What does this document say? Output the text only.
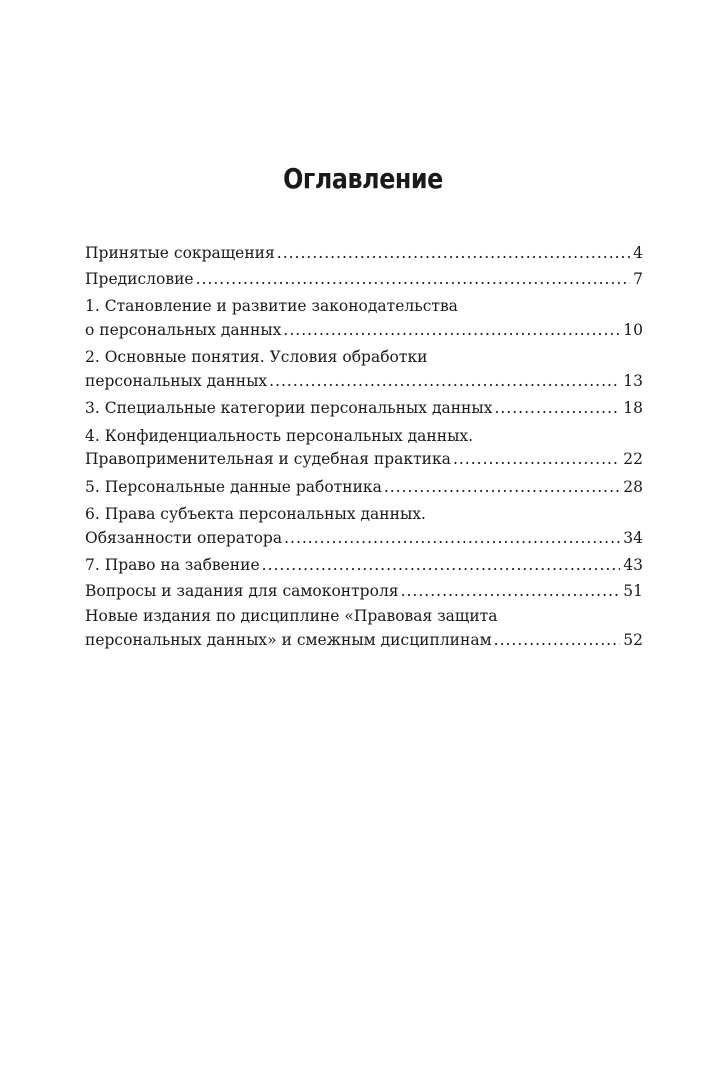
Оглавление
Принятые сокращения .....	4
Предисловие .....	7
1. Становление и развитие законодательства
о персональных данных .....	10
2. Основные понятия. Условия обработки
персональных данных .....	13
3. Специальные категории персональных данных .....	18
4. Конфиденциальность персональных данных.
Правоприменительная и судебная практика .....	22
5. Персональные данные работника .....	28
6. Права субъекта персональных данных.
Обязанности оператора .....	34
7. Право на забвение .....	43
Вопросы и задания для самоконтроля .....	51
Новые издания по дисциплине «Правовая защита
персональных данных» и смежным дисциплинам .....	52
